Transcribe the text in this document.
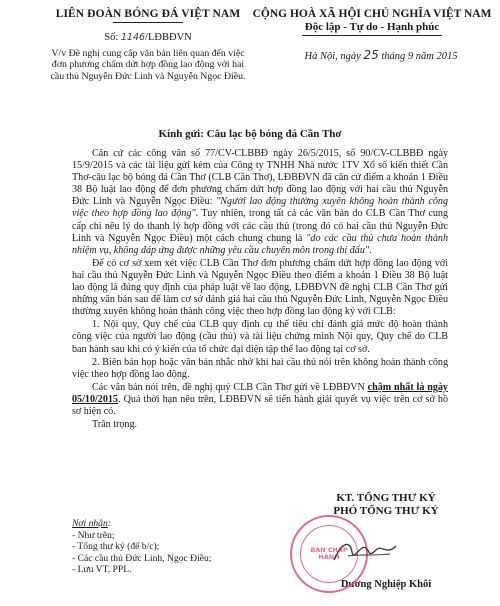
LIÊN ĐOÀN BÓNG ĐÁ VIỆT NAM
Số: 1146/LĐBĐVN
V/v Đề nghị cung cấp văn bản liên quan đến việc đơn phương chấm dứt hợp đồng lao động với hai cầu thủ Nguyễn Đức Linh và Nguyễn Ngọc Điều.
CỘNG HOÀ XÃ HỘI CHỦ NGHĨA VIỆT NAM
Độc lập - Tự do - Hạnh phúc
Hà Nội, ngày 25 tháng 9 năm 2015
Kính gửi: Câu lạc bộ bóng đá Cần Thơ

Căn cứ các công văn số 77/CV-CLBBĐ ngày 26/5/2015, số 90/CV-CLBBĐ ngày 15/9/2015 và các tài liệu gửi kèm của Công ty TNHH Nhà nước 1TV Xổ số kiến thiết Cần Thơ-câu lạc bộ bóng đá Cần Thơ (CLB Cần Thơ), LĐBĐVN đã căn cứ điểm a khoản 1 Điều 38 Bộ luật lao động để đơn phương chấm dứt hợp đồng lao động với hai cầu thủ Nguyễn Đức Linh và Nguyễn Ngọc Điều: "Người lao động thường xuyên không hoàn thành công việc theo hợp đồng lao động". Tuy nhiên, trong tất cả các văn bản do CLB Cần Thơ cung cấp chỉ nêu lý do thanh lý hợp đồng với các cầu thủ (trong đó có hai cầu thủ Nguyễn Đức Linh và Nguyễn Ngọc Điều) một cách chung chung là "do các cầu thủ chưa hoàn thành nhiệm vụ, không đáp ứng được những yêu cầu chuyên môn trong thi đấu".

Để có cơ sở xem xét việc CLB Cần Thơ đơn phương chấm dứt hợp đồng lao động với hai cầu thủ Nguyễn Đức Linh và Nguyễn Ngọc Điều theo điểm a khoản 1 Điều 38 Bộ luật lao động là đúng quy định của pháp luật về lao động, LĐBĐVN đề nghị CLB Cần Thơ gửi những văn bản sau để làm cơ sở đánh giá hai cầu thủ Nguyễn Đức Linh, Nguyễn Ngọc Điều thường xuyên không hoàn thành công việc theo hợp đồng lao động ký với CLB:

1. Nội quy, Quy chế của CLB quy định cụ thể tiêu chí đánh giá mức độ hoàn thành công việc của người lao động (cầu thủ) và tài liệu chứng minh Nội quy, Quy chế do CLB ban hành sau khi có ý kiến của tổ chức đại diện tập thể lao động tại cơ sở.

2. Biên bản họp hoặc văn bản nhắc nhở khi hai cầu thủ nói trên không hoàn thành công việc theo hợp đồng lao động.

Các văn bản nói trên, đề nghị quý CLB Cần Thơ gửi về LĐBĐVN chậm nhất là ngày 05/10/2015. Quá thời hạn nêu trên, LĐBĐVN sẽ tiến hành giải quyết vụ việc trên cơ sở hồ sơ hiện có.

Trân trọng.

Nơi nhận:
- Như trên;
- Tổng thư ký (để b/c);
- Các cầu thủ Đức Linh, Ngọc Điều;
- Lưu VT, PPL.
KT. TỔNG THƯ KÝ
PHÓ TỔNG THƯ KÝ
Dương Nghiệp Khôi
BAN CHẤP
HÀNH
